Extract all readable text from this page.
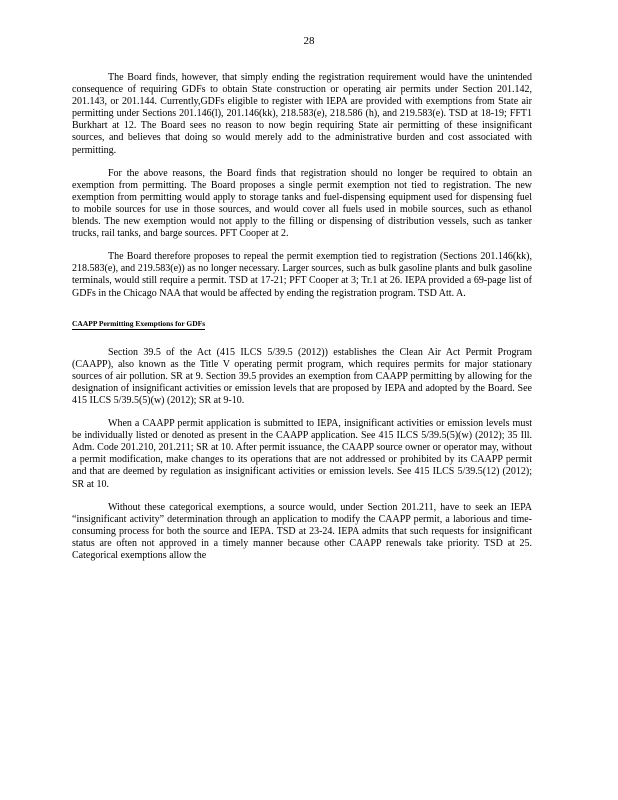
28

The Board finds, however, that simply ending the registration requirement would have the unintended consequence of requiring GDFs to obtain State construction or operating air permits under Section 201.142, 201.143, or 201.144. Currently,GDFs eligible to register with IEPA are provided with exemptions from State air permitting under Sections 201.146(l), 201.146(kk), 218.583(e), 218.586 (h), and 219.583(e). TSD at 18-19; FFT1 Burkhart at 12. The Board sees no reason to now begin requiring State air permitting of these insignificant sources, and believes that doing so would merely add to the administrative burden and cost associated with permitting.

For the above reasons, the Board finds that registration should no longer be required to obtain an exemption from permitting. The Board proposes a single permit exemption not tied to registration. The new exemption from permitting would apply to storage tanks and fuel-dispensing equipment used for dispensing fuel to mobile sources for use in those sources, and would cover all fuels used in mobile sources, such as ethanol blends. The new exemption would not apply to the filling or dispensing of distribution vessels, such as tanker trucks, rail tanks, and barge sources. PFT Cooper at 2.

The Board therefore proposes to repeal the permit exemption tied to registration (Sections 201.146(kk), 218.583(e), and 219.583(e)) as no longer necessary. Larger sources, such as bulk gasoline plants and bulk gasoline terminals, would still require a permit. TSD at 17-21; PFT Cooper at 3; Tr.1 at 26. IEPA provided a 69-page list of GDFs in the Chicago NAA that would be affected by ending the registration program. TSD Att. A.

CAAPP Permitting Exemptions for GDFs

Section 39.5 of the Act (415 ILCS 5/39.5 (2012)) establishes the Clean Air Act Permit Program (CAAPP), also known as the Title V operating permit program, which requires permits for major stationary sources of air pollution. SR at 9. Section 39.5 provides an exemption from CAAPP permitting by allowing for the designation of insignificant activities or emission levels that are proposed by IEPA and adopted by the Board. See 415 ILCS 5/39.5(5)(w) (2012); SR at 9-10.

When a CAAPP permit application is submitted to IEPA, insignificant activities or emission levels must be individually listed or denoted as present in the CAAPP application. See 415 ILCS 5/39.5(5)(w) (2012); 35 Ill. Adm. Code 201.210, 201.211; SR at 10. After permit issuance, the CAAPP source owner or operator may, without a permit modification, make changes to its operations that are not addressed or prohibited by its CAAPP permit and that are deemed by regulation as insignificant activities or emission levels. See 415 ILCS 5/39.5(12) (2012); SR at 10.

Without these categorical exemptions, a source would, under Section 201.211, have to seek an IEPA “insignificant activity” determination through an application to modify the CAAPP permit, a laborious and time-consuming process for both the source and IEPA. TSD at 23-24. IEPA admits that such requests for insignificant status are often not approved in a timely manner because other CAAPP renewals take priority. TSD at 25. Categorical exemptions allow the
